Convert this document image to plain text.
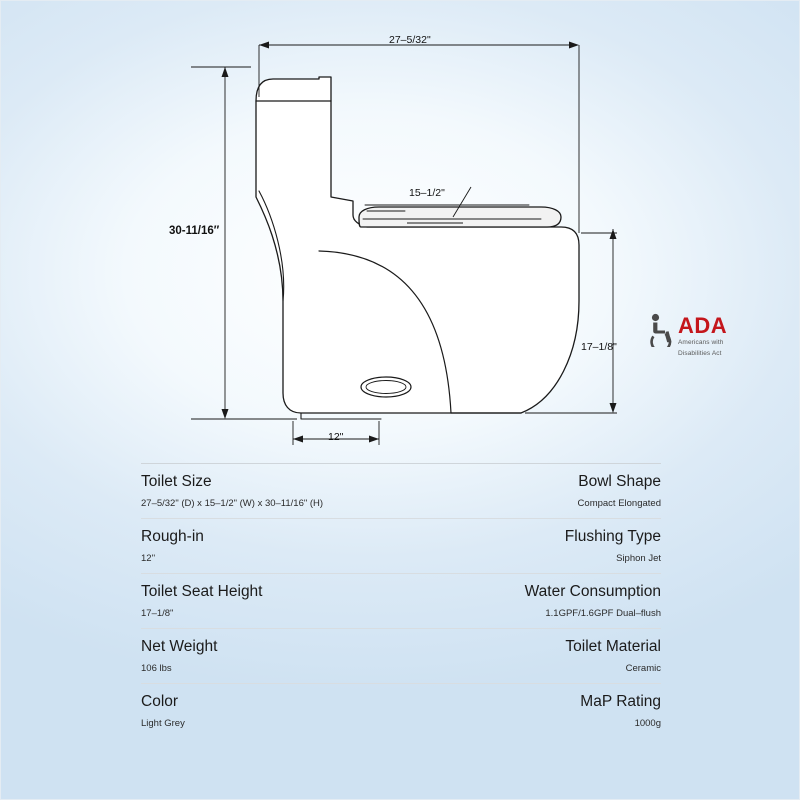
27–5/32"
30-11/16″
15–1/2"
17–1/8"
12"
ADA
Americans with
Disabilities Act
Toilet Size	Bowl Shape
27–5/32" (D) x 15–1/2" (W) x 30–11/16" (H)	Compact Elongated
Rough-in	Flushing Type
12''	Siphon Jet
Toilet Seat Height	Water Consumption
17–1/8"	1.1GPF/1.6GPF Dual–flush
Net Weight	Toilet Material
106 lbs	Ceramic
Color	MaP Rating
Light Grey	1000g
